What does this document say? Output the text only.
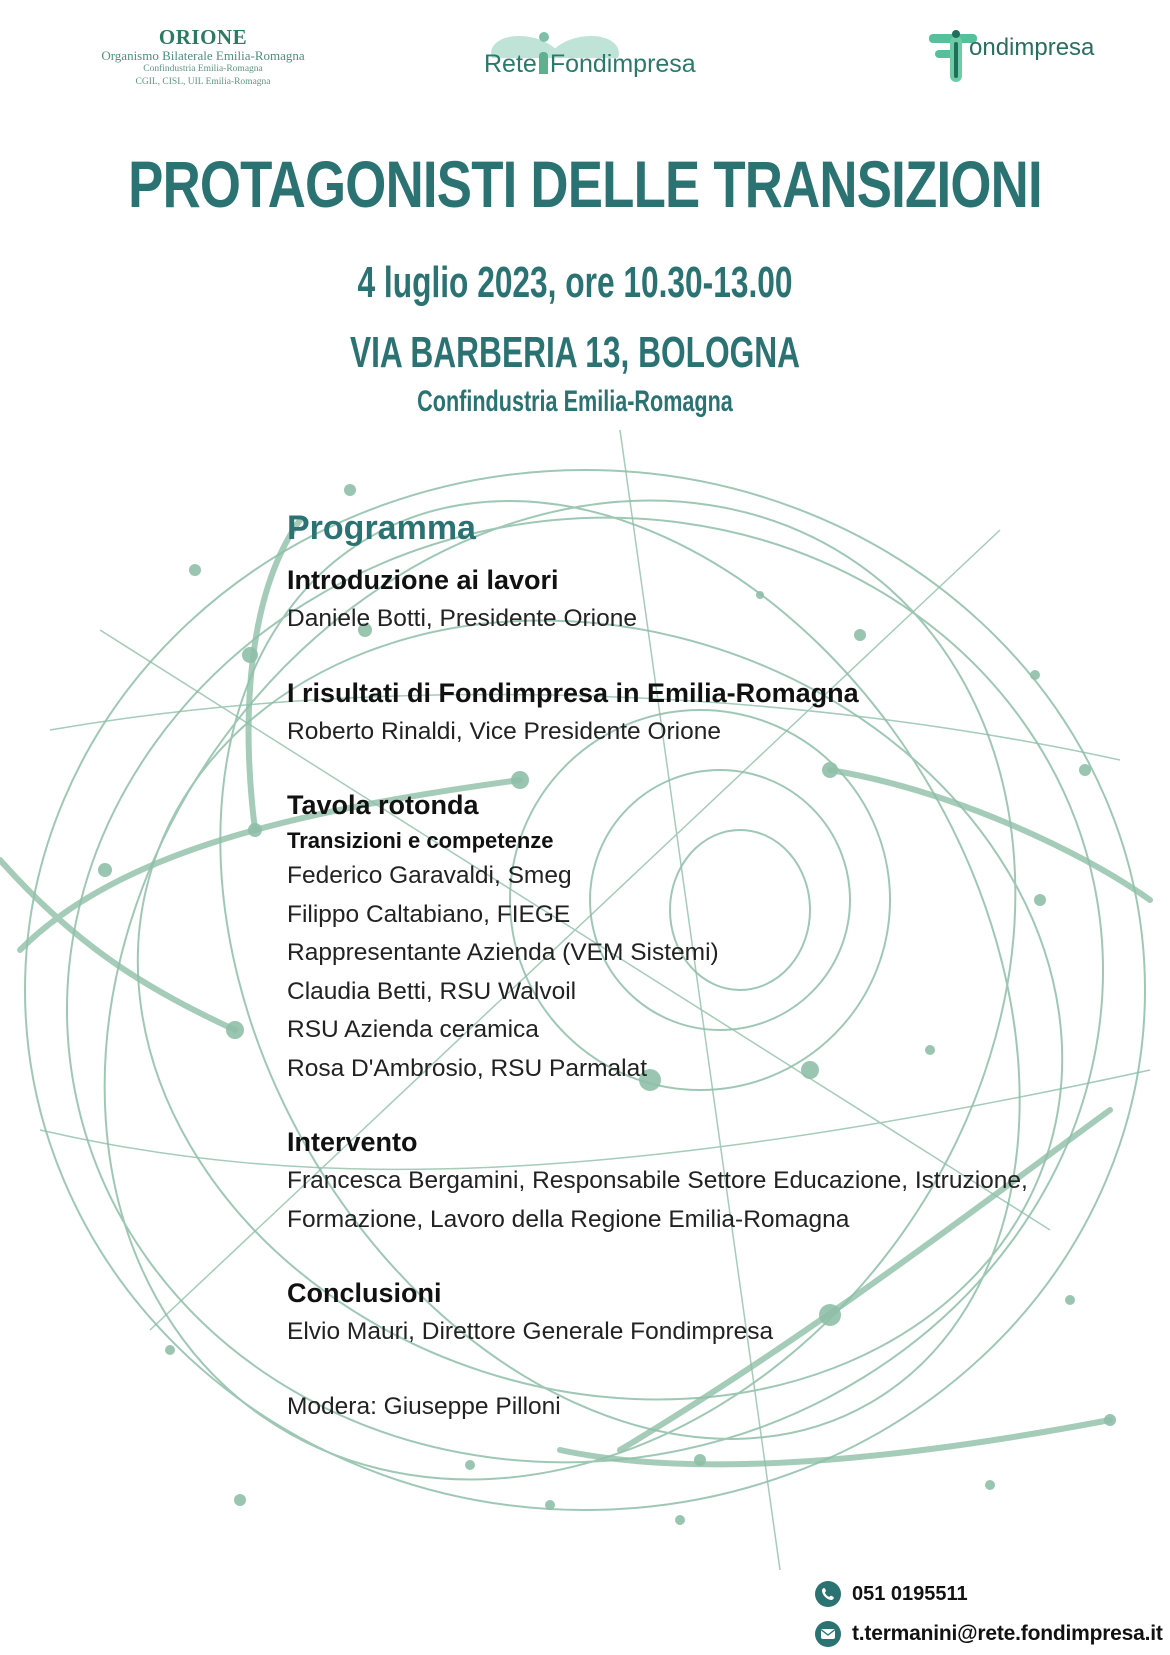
ORIONE
Organismo Bilaterale Emilia-Romagna
Confindustria Emilia-Romagna
CGIL, CISL, UIL Emilia-Romagna
Rete Fondimpresa
ondimpresa
PROTAGONISTI DELLE TRANSIZIONI
4 luglio 2023, ore 10.30-13.00
VIA BARBERIA 13, BOLOGNA
Confindustria Emilia-Romagna
Programma
Introduzione ai lavori
Daniele Botti, Presidente Orione
I risultati di Fondimpresa in Emilia-Romagna
Roberto Rinaldi, Vice Presidente Orione
Tavola rotonda
Transizioni e competenze
Federico Garavaldi, Smeg
Filippo Caltabiano, FIEGE
Rappresentante Azienda (VEM Sistemi)
Claudia Betti, RSU Walvoil
RSU Azienda ceramica
Rosa D'Ambrosio, RSU Parmalat
Intervento
Francesca Bergamini, Responsabile Settore Educazione, Istruzione,
Formazione, Lavoro della Regione Emilia-Romagna
Conclusioni
Elvio Mauri, Direttore Generale Fondimpresa
Modera: Giuseppe Pilloni
051 0195511
t.termanini@rete.fondimpresa.it
